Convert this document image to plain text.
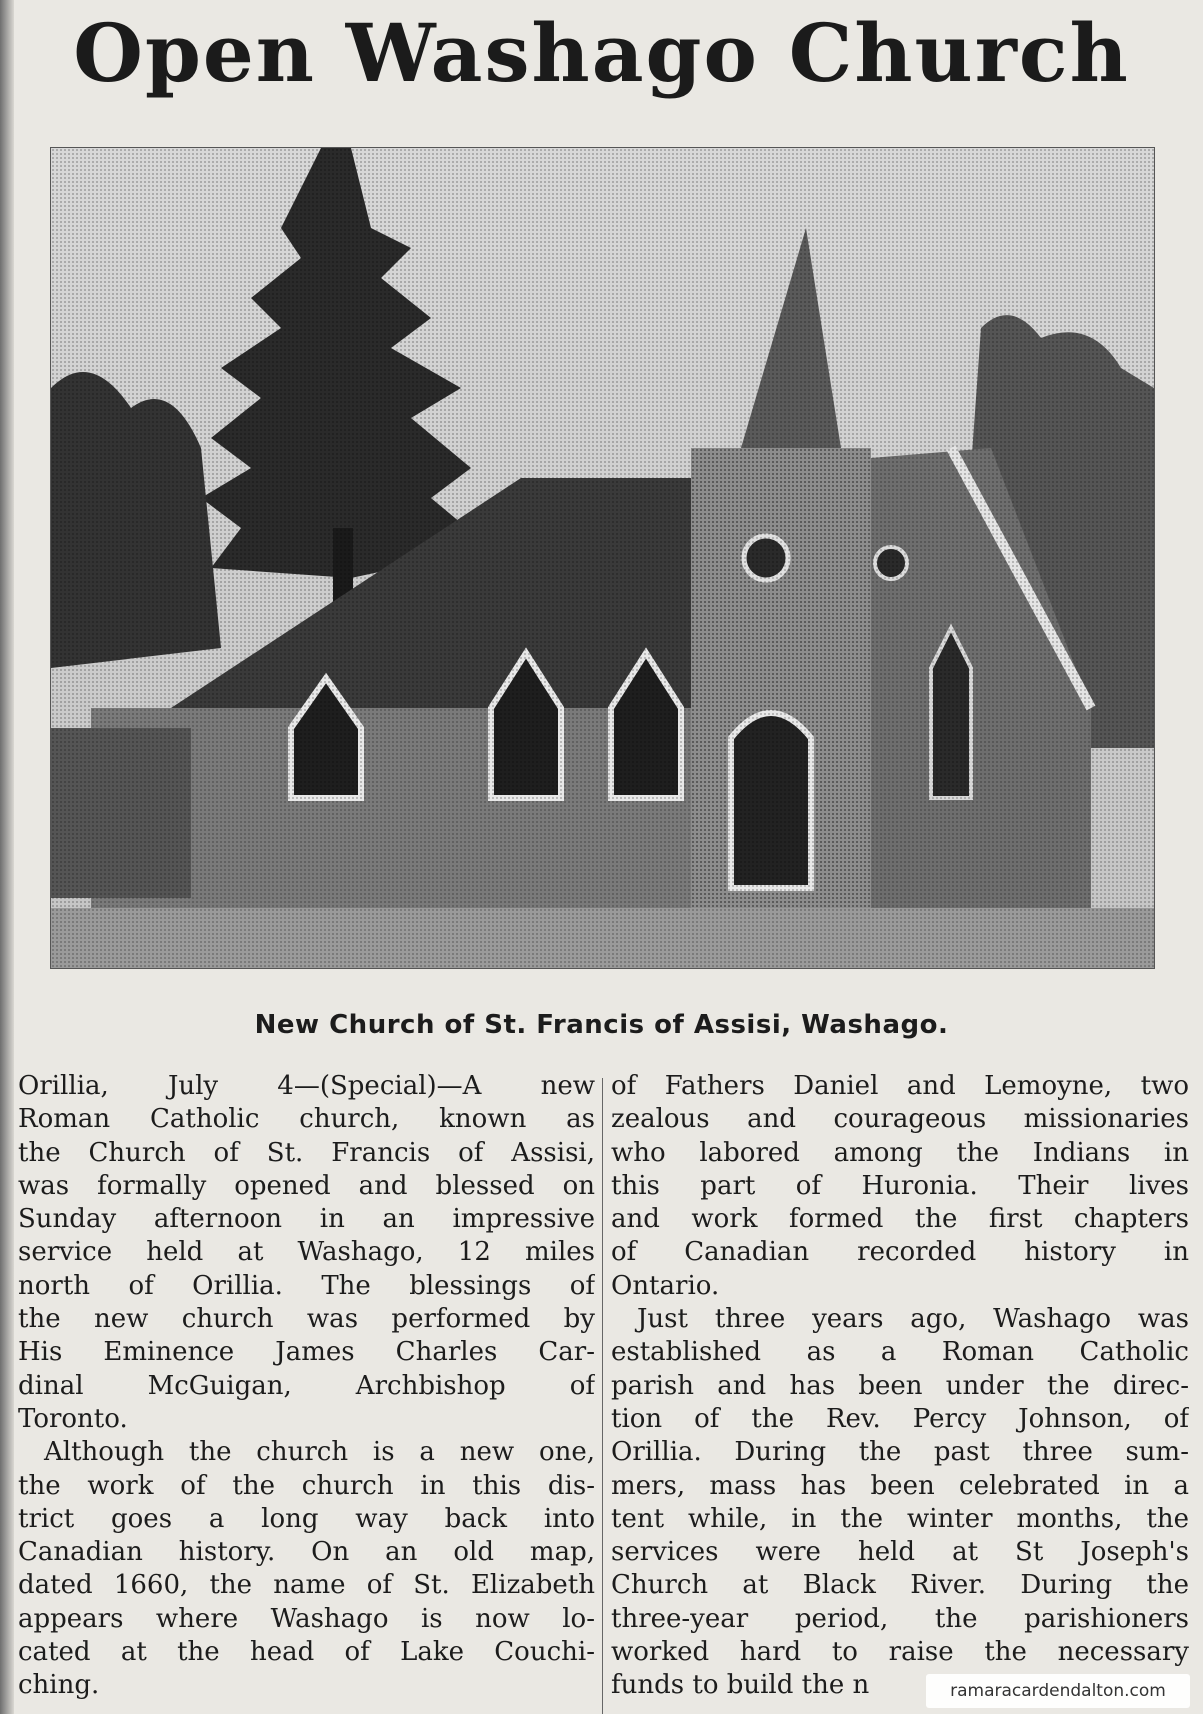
Open Washago Church
New Church of St. Francis of Assisi, Washago.
Orillia, July 4—(Special)—A new
Roman Catholic church, known as
the Church of St. Francis of Assisi,
was formally opened and blessed on
Sunday afternoon in an impressive
service held at Washago, 12 miles
north of Orillia. The blessings of
the new church was performed by
His Eminence James Charles Car-
dinal McGuigan, Archbishop of
Toronto.
Although the church is a new one,
the work of the church in this dis-
trict goes a long way back into
Canadian history. On an old map,
dated 1660, the name of St. Elizabeth
appears where Washago is now lo-
cated at the head of Lake Couchi-
ching.
of Fathers Daniel and Lemoyne, two
zealous and courageous missionaries
who labored among the Indians in
this part of Huronia. Their lives
and work formed the first chapters
of Canadian recorded history in
Ontario.
Just three years ago, Washago was
established as a Roman Catholic
parish and has been under the direc-
tion of the Rev. Percy Johnson, of
Orillia. During the past three sum-
mers, mass has been celebrated in a
tent while, in the winter months, the
services were held at St Joseph's
Church at Black River. During the
three-year period, the parishioners
worked hard to raise the necessary
funds to build the n	ramaracardendalton.com
